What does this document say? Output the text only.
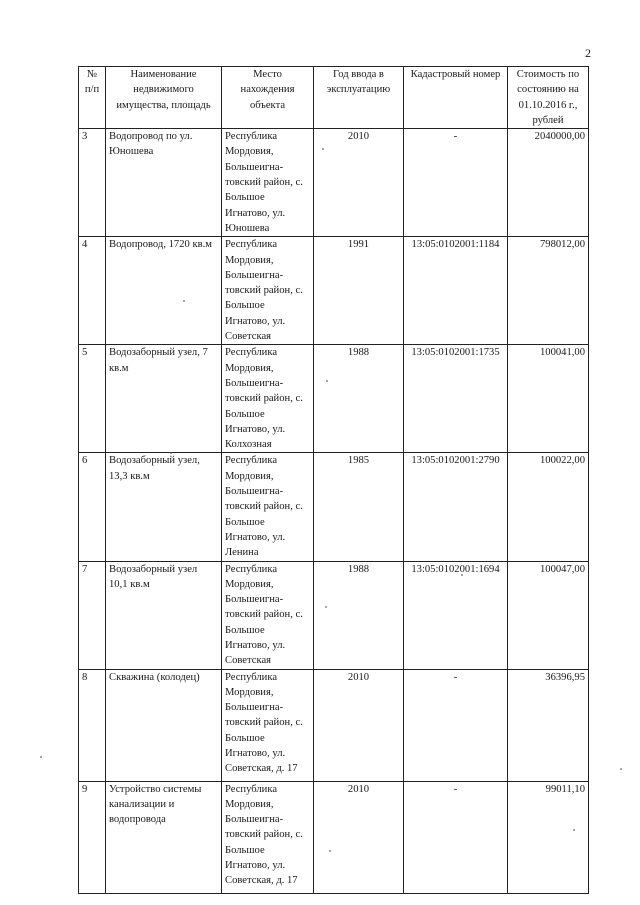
2
№ п/п	Наименование недвижимого имущества, площадь	Место нахождения объекта	Год ввода в эксплуатацию	Кадастровый номер	Стоимость по состоянию на 01.10.2016 г., рублей
3	Водопровод по ул. Юношева	Республика Мордовия, Большеигна-товский район, с. Большое Игнатово, ул. Юношева	2010	-	2040000,00
4	Водопровод, 1720 кв.м	Республика Мордовия, Большеигна-товский район, с. Большое Игнатово, ул. Советская	1991	13:05:0102001:1184	798012,00
5	Водозаборный узел, 7 кв.м	Республика Мордовия, Большеигна-товский район, с. Большое Игнатово, ул. Колхозная	1988	13:05:0102001:1735	100041,00
6	Водозаборный узел, 13,3 кв.м	Республика Мордовия, Большеигна-товский район, с. Большое Игнатово, ул. Ленина	1985	13:05:0102001:2790	100022,00
7	Водозаборный узел 10,1 кв.м	Республика Мордовия, Большеигна-товский район, с. Большое Игнатово, ул. Советская	1988	13:05:0102001:1694	100047,00
8	Скважина (колодец)	Республика Мордовия, Большеигна-товский район, с. Большое Игнатово, ул. Советская, д. 17	2010	-	36396,95
9	Устройство системы канализации и водопровода	Республика Мордовия, Большеигна-товский район, с. Большое Игнатово, ул. Советская, д. 17	2010	-	99011,10
